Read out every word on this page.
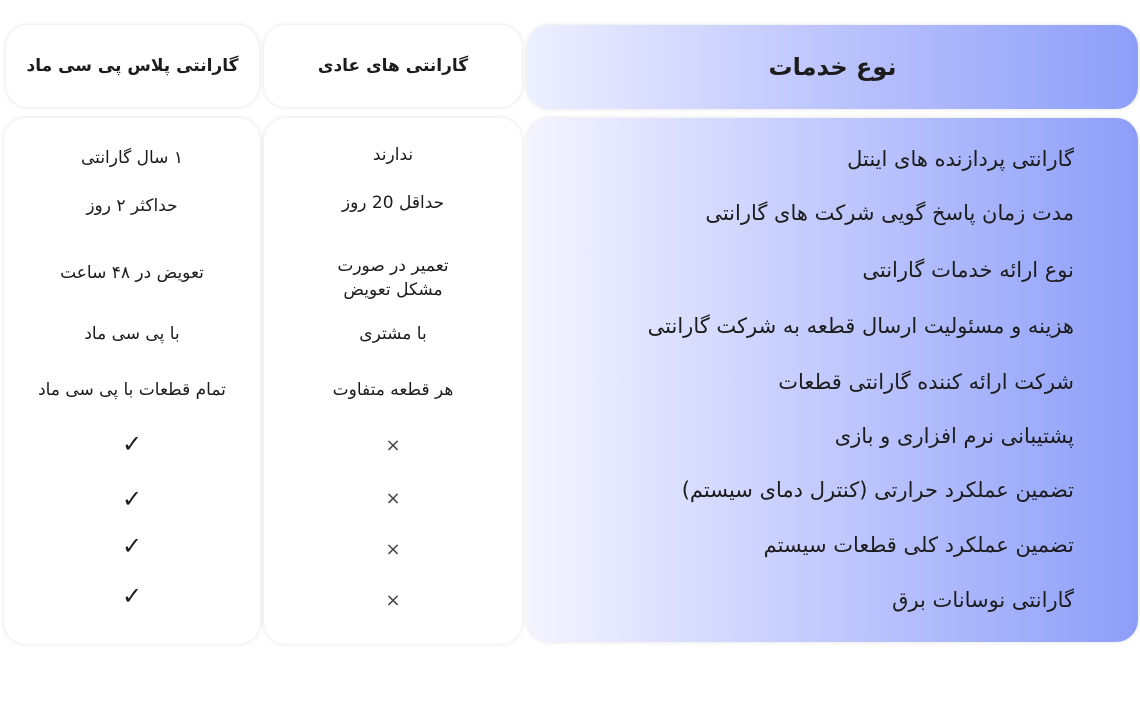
نوع خدمات
گارانتی های عادی
گارانتی پلاس پی سی ماد
گارانتی پردازنده های اینتل
مدت زمان پاسخ گویی شرکت های گارانتی
نوع ارائه خدمات گارانتی
هزینه و مسئولیت ارسال قطعه به شرکت گارانتی
شرکت ارائه کننده گارانتی قطعات
پشتیبانی نرم افزاری و بازی
تضمین عملکرد حرارتی (کنترل دمای سیستم)
تضمین عملکرد کلی قطعات سیستم
گارانتی نوسانات برق
ندارند
حداقل 20 روز
تعمیر در صورت مشکل تعویض
با مشتری
هر قطعه متفاوت
×
×
×
×
۱ سال گارانتی
حداکثر ۲ روز
تعویض در ۴۸ ساعت
با پی سی ماد
تمام قطعات با پی سی ماد
✓
✓
✓
✓
